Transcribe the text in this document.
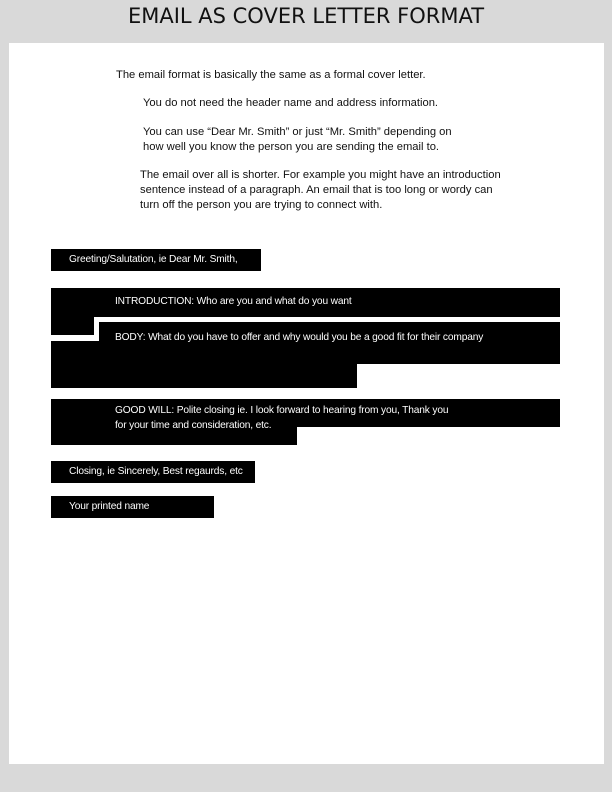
EMAIL AS COVER LETTER FORMAT
The email format is basically the same as a formal cover letter.
You do not need the header name and address information.
You can use “Dear Mr. Smith” or just “Mr. Smith” depending on
how well you know the person you are sending the email to.
The email over all is shorter. For example you might have an introduction
sentence instead of a paragraph. An email that is too long or wordy can
turn off the person you are trying to connect with.
Greeting/Salutation, ie Dear Mr. Smith,
INTRODUCTION: Who are you and what do you want
BODY: What do you have to offer and why would you be a good fit for their company
GOOD WILL: Polite closing ie. I look forward to hearing from you, Thank you
for your time and consideration, etc.
Closing, ie Sincerely, Best regaurds, etc
Your printed name
